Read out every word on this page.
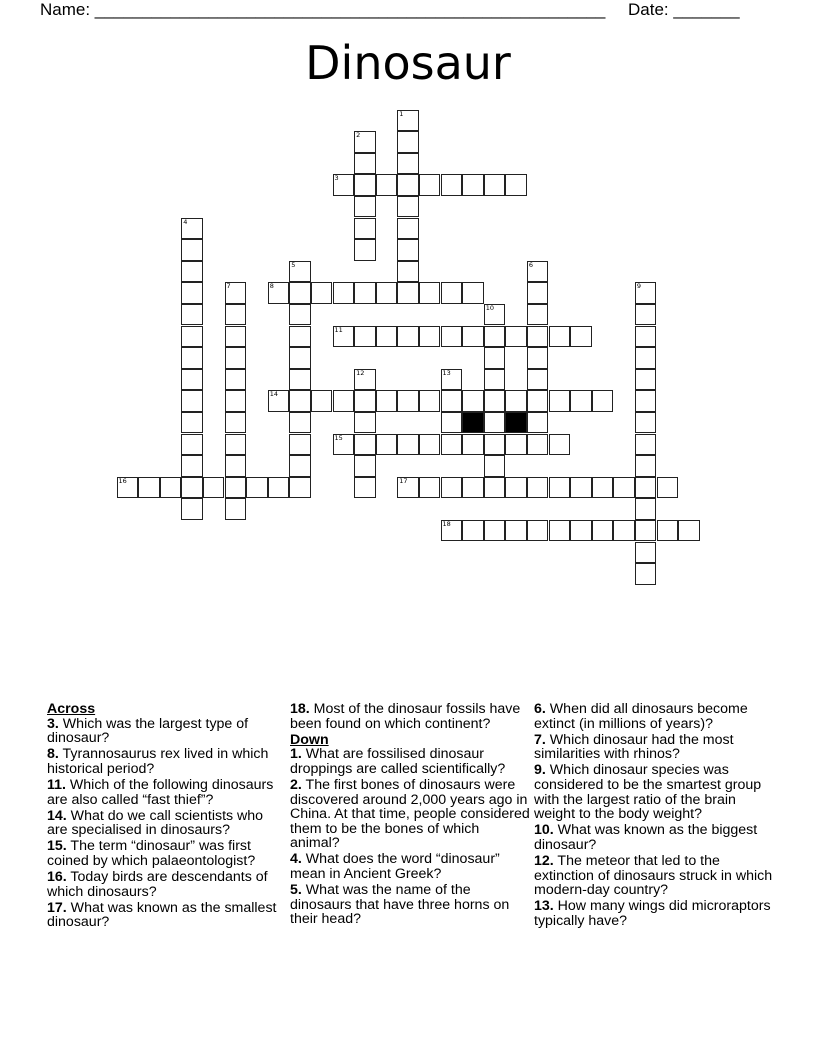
Name: ______________________________________________________ Date: _______
Dinosaur
1
2
3
4
5	6
7	8	9
10
11
12	13
14
15
16	17
18
Across
3. Which was the largest type of dinosaur?
8. Tyrannosaurus rex lived in which historical period?
11. Which of the following dinosaurs are also called “fast thief”?
14. What do we call scientists who are specialised in dinosaurs?
15. The term “dinosaur” was first coined by which palaeontologist?
16. Today birds are descendants of which dinosaurs?
17. What was known as the smallest dinosaur?
18. Most of the dinosaur fossils have been found on which continent?
Down
1. What are fossilised dinosaur droppings are called scientifically?
2. The first bones of dinosaurs were discovered around 2,000 years ago in China. At that time, people considered them to be the bones of which animal?
4. What does the word “dinosaur” mean in Ancient Greek?
5. What was the name of the dinosaurs that have three horns on their head?
6. When did all dinosaurs become extinct (in millions of years)?
7. Which dinosaur had the most similarities with rhinos?
9. Which dinosaur species was considered to be the smartest group with the largest ratio of the brain weight to the body weight?
10. What was known as the biggest dinosaur?
12. The meteor that led to the extinction of dinosaurs struck in which modern-day country?
13. How many wings did microraptors typically have?
